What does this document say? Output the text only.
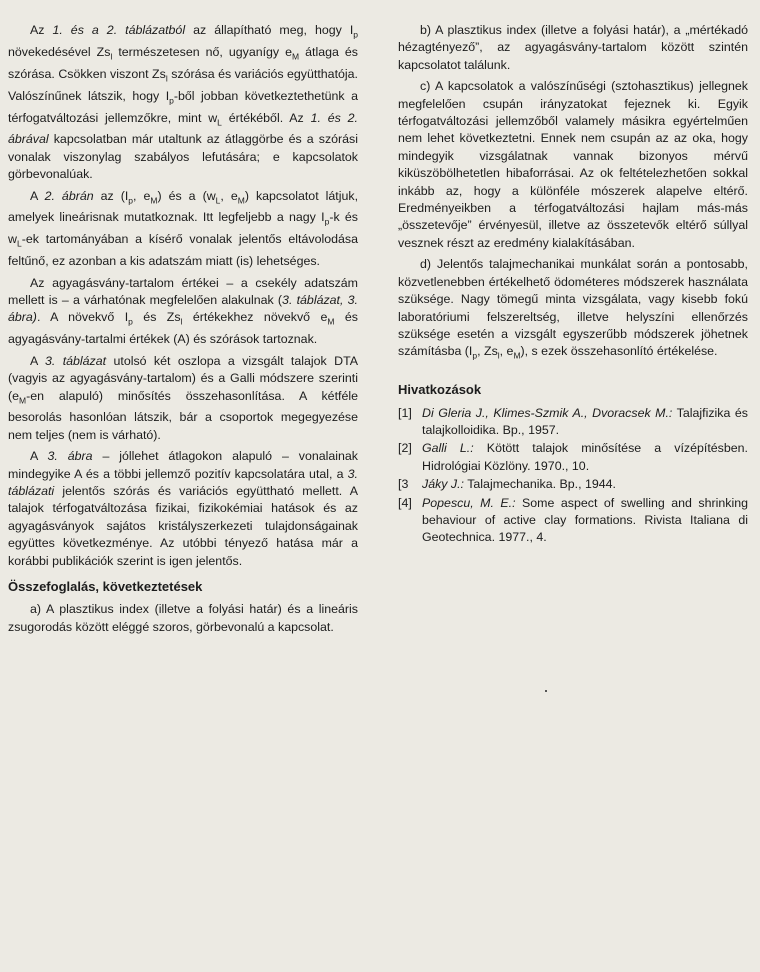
Az 1. és a 2. táblázatból az állapítható meg, hogy $I_p$ növekedésével $Zs_l$ természetesen nő, ugyanígy $e_M$ átlaga és szórása. Csökken viszont $Zs_l$ szórása és variációs együtthatója. Valószínűnek látszik, hogy $I_p$-ből jobban következtethetünk a térfogatváltozási jellemzőkre, mint $w_L$ értékéből. Az 1. és 2. ábrával kapcsolatban már utaltunk az átlaggörbe és a szórási vonalak viszonylag szabályos lefutására; e kapcsolatok görbevonalúak.

A 2. ábrán az ($I_p$, $e_M$) és a ($w_L$, $e_M$) kapcsolatot látjuk, amelyek lineárisnak mutatkoznak. Itt legfeljebb a nagy $I_p-k$ és $w_L-ek$ tartományában a kísérő vonalak jelentős eltávolodása feltűnő, ez azonban a kis adatszám miatt (is) lehetséges.

Az agyagásvány-tartalom értékei – a csekély adatszám mellett is – a várhatónak megfelelően alakulnak (3. táblázat, 3. ábra). A növekvő $I_p$ és $Zs_l$ értékekhez növekvő $e_M$ és agyagásvány-tartalmi értékek (A) és szórások tartoznak.

A 3. táblázat utolsó két oszlopa a vizsgált talajok DTA (vagyis az agyagásvány-tartalom) és a Galli módszere szerinti ($e_M-en$ alapuló) minősítés összehasonlítása. A kétféle besorolás hasonlóan látszik, bár a csoportok megegyezése nem teljes (nem is várható).

A 3. ábra – jóllehet átlagokon alapuló – vonalainak mindegyike A és a többi jellemző pozitív kapcsolatára utal, a 3. táblázati jelentős szórás és variációs együttható mellett. A talajok térfogatváltozása fizikai, fizikokémiai hatások és az agyagásványok sajátos kristályszerkezeti tulajdonságainak együttes következménye. Az utóbbi tényező hatása már a korábbi publikációk szerint is igen jelentős.

Összefoglalás, következtetések

a) A plasztikus index (illetve a folyási határ) és a lineáris zsugorodás között eléggé szoros, görbevonalú a kapcsolat.

b) A plasztikus index (illetve a folyási határ), a „mértékadó hézagtényező”, az agyagásvány-tartalom között szintén kapcsolatot találunk.

c) A kapcsolatok a valószínűségi (sztohasztikus) jellegnek megfelelően csupán irányzatokat fejeznek ki. Egyik térfogatváltozási jellemzőből valamely másikra egyértelműen nem lehet következtetni. Ennek nem csupán az az oka, hogy mindegyik vizsgálatnak vannak bizonyos mérvű kiküszöbölhetetlen hibaforrásai. Az ok feltételezhetően sokkal inkább az, hogy a különféle mószerek alapelve eltérő. Eredményeikben a térfogatváltozási hajlam más-más „összetevője” érvényesül, illetve az összetevők eltérő súllyal vesznek részt az eredmény kialakításában.

d) Jelentős talajmechanikai munkálat során a pontosabb, közvetlenebben értékelhető ödométeres módszerek használata szüksége. Nagy tömegű minta vizsgálata, vagy kisebb fokú laboratóriumi felszereltség, illetve helyszíni ellenőrzés szüksége esetén a vizsgált egyszerűbb módszerek jöhetnek számításba ($I_p$, $Zs_l$, $e_M$), s ezek összehasonlító értékelése.

Hivatkozások
[1] Di Gleria J., Klimes-Szmik A., Dvoracsek M.: Talajfizika és talajkolloidika. Bp., 1957.
[2] Galli L.: Kötött talajok minősítése a vízépítésben. Hidrológiai Közlöny. 1970., 10.
[3	Jáky J.: Talajmechanika. Bp., 1944.
[4] Popescu, M. E.: Some aspect of swelling and shrinking behaviour of active clay formations. Rivista Italiana di Geotechnica. 1977., 4.
